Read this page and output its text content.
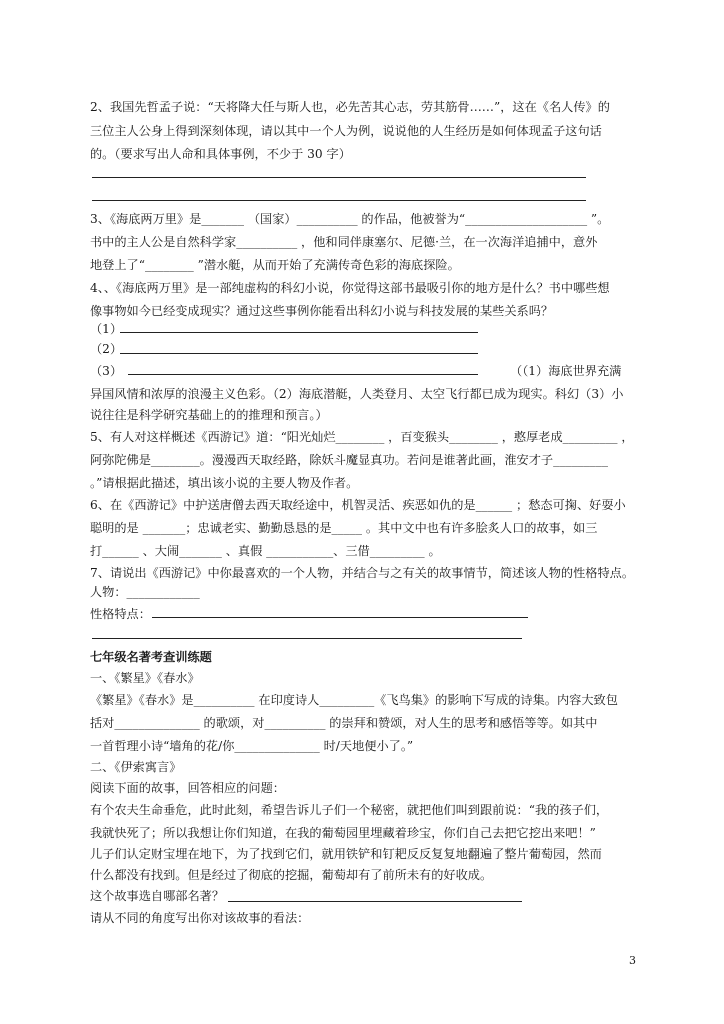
2、我国先哲孟子说：“天将降大任与斯人也，必先苦其心志，劳其筋骨……”，这在《名人传》的
三位主人公身上得到深刻体现，请以其中一个人为例，说说他的人生经历是如何体现孟子这句话
的。（要求写出人命和具体事例，不少于 30 字）
3、《海底两万里》是_______ （国家）__________ 的作品，他被誉为“____________________ ”。
书中的主人公是自然科学家__________ ，他和同伴康塞尔、尼德·兰，在一次海洋追捕中，意外
地登上了“________ ”潜水艇，从而开始了充满传奇色彩的海底探险。
4、、《海底两万里》是一部纯虚构的科幻小说，你觉得这部书最吸引你的地方是什么？书中哪些想
像事物如今已经变成现实？通过这些事例你能看出科幻小说与科技发展的某些关系吗？
（1）
（2）
（3）	（（1）海底世界充满
异国风情和浓厚的浪漫主义色彩。（2）海底潜艇，人类登月、太空飞行都已成为现实。科幻（3）小
说往往是科学研究基础上的的推理和预言。）
5、有人对这样概述《西游记》道：“阳光灿烂________ ，百变猴头________ ，憨厚老成_________ ，
阿弥陀佛是________。漫漫西天取经路，除妖斗魔显真功。若问是谁著此画，淮安才子_________
。”请根据此描述，填出该小说的主要人物及作者。
6、在《西游记》中护送唐僧去西天取经途中，机智灵活、疾恶如仇的是______ ；愁态可掬、好耍小
聪明的是 _______；忠诚老实、勤勤恳恳的是_____ 。其中文中也有许多脍炙人口的故事，如三
打______ 、大闹_______ 、真假 ___________、三借_________ 。
7、请说出《西游记》中你最喜欢的一个人物，并结合与之有关的故事情节，简述该人物的性格特点。
人物：____________
性格特点：
七年级名著考查训练题
一、《繁星》《春水》
《繁星》《春水》是__________ 在印度诗人_________《飞鸟集》的影响下写成的诗集。内容大致包
括对______________ 的歌颂，对__________ 的崇拜和赞颂，对人生的思考和感悟等等。如其中
一首哲理小诗“墙角的花/你______________ 时/天地便小了。”
二、《伊索寓言》
阅读下面的故事，回答相应的问题：
有个农夫生命垂危，此时此刻，希望告诉儿子们一个秘密，就把他们叫到跟前说：“我的孩子们，
我就快死了；所以我想让你们知道，在我的葡萄园里埋藏着珍宝，你们自己去把它挖出来吧！”
儿子们认定财宝埋在地下，为了找到它们，就用铁铲和钉耙反反复复地翻遍了整片葡萄园，然而
什么都没有找到。但是经过了彻底的挖掘，葡萄却有了前所未有的好收成。
这个故事选自哪部名著？
请从不同的角度写出你对该故事的看法：
3
